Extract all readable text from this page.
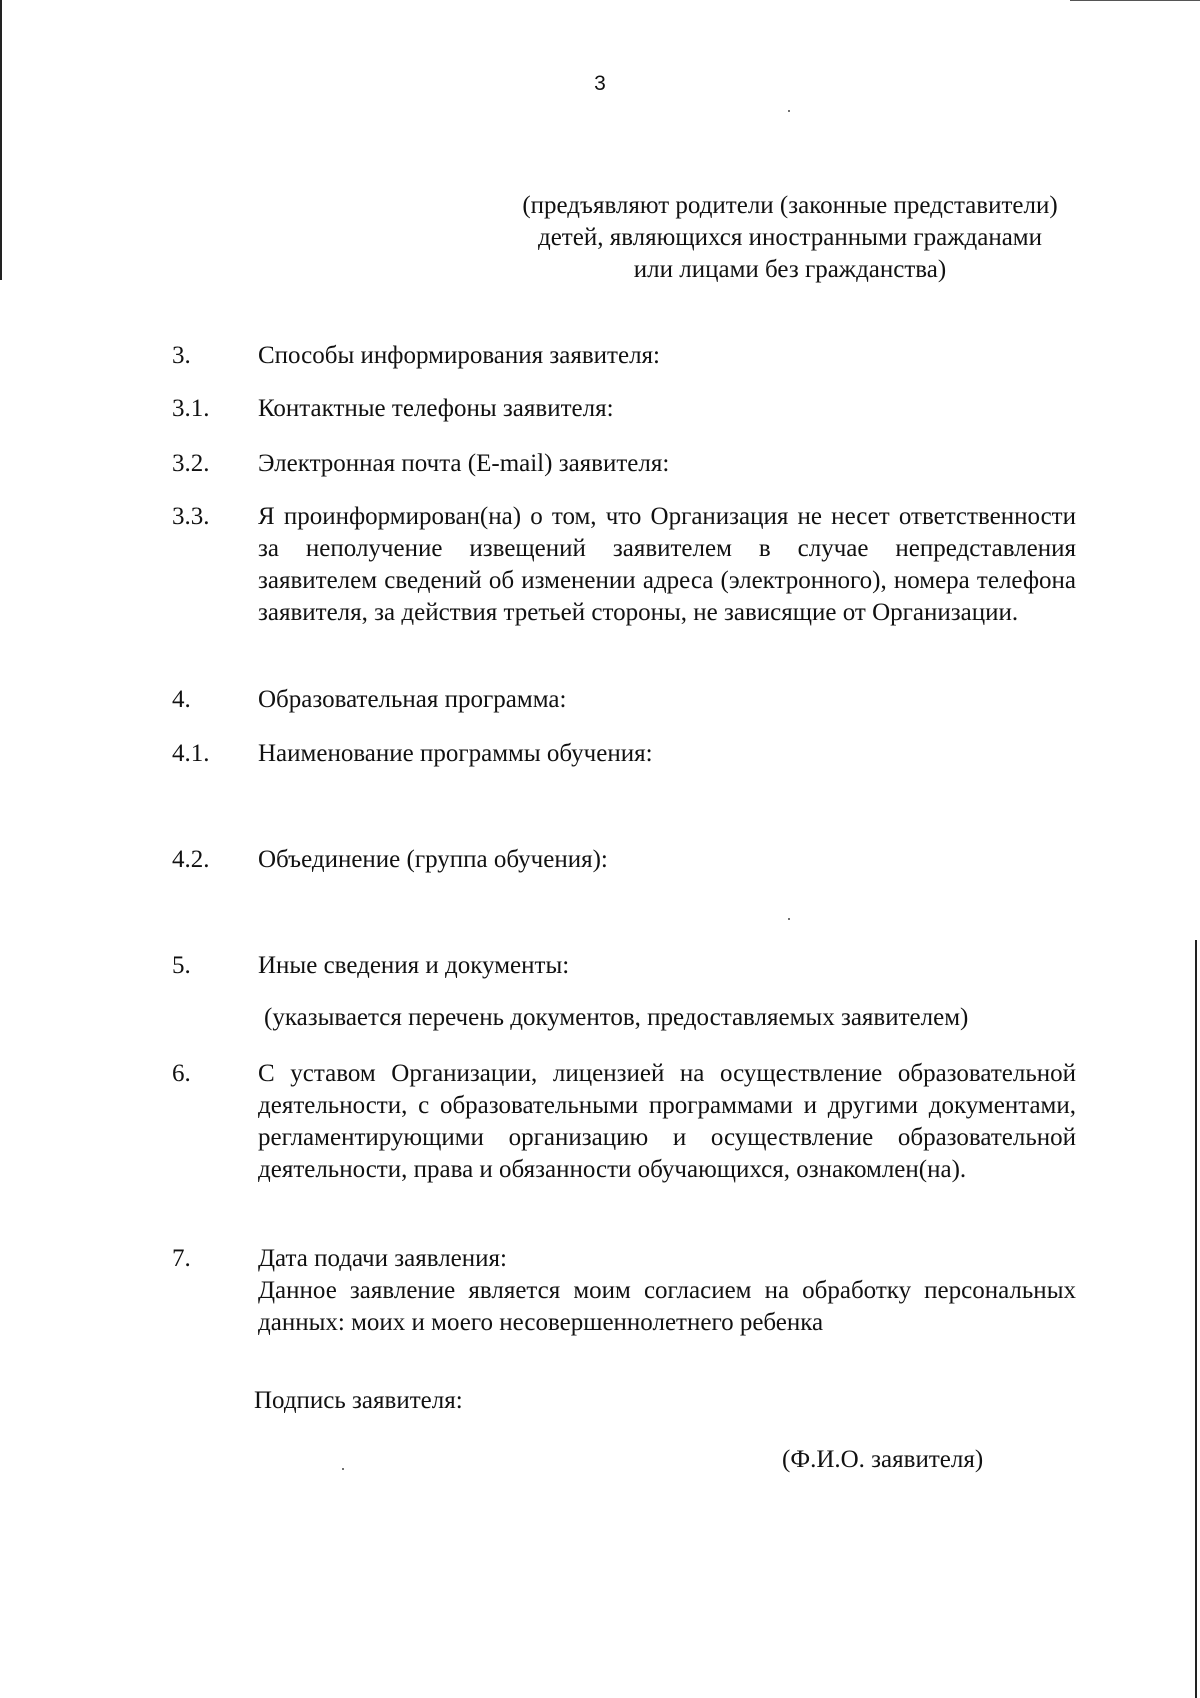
3
(предъявляют родители (законные представители) детей, являющихся иностранными гражданами или лицами без гражданства)
3.	Способы информирования заявителя:
3.1.	Контактные телефоны заявителя:
3.2.	Электронная почта (E-mail) заявителя:
3.3.	Я проинформирован(на) о том, что Организация не несет ответственности за неполучение извещений заявителем в случае непредставления заявителем сведений об изменении адреса (электронного), номера телефона заявителя, за действия третьей стороны, не зависящие от Организации.
4.	Образовательная программа:
4.1.	Наименование программы обучения:
4.2.	Объединение (группа обучения):
5.	Иные сведения и документы:
(указывается перечень документов, предоставляемых заявителем)
6.	С уставом Организации, лицензией на осуществление образовательной деятельности, с образовательными программами и другими документами, регламентирующими организацию и осуществление образовательной деятельности, права и обязанности обучающихся, ознакомлен(на).
7.	Дата подачи заявления:
Данное заявление является моим согласием на обработку персональных данных: моих и моего несовершеннолетнего ребенка
Подпись заявителя:
(Ф.И.О. заявителя)
